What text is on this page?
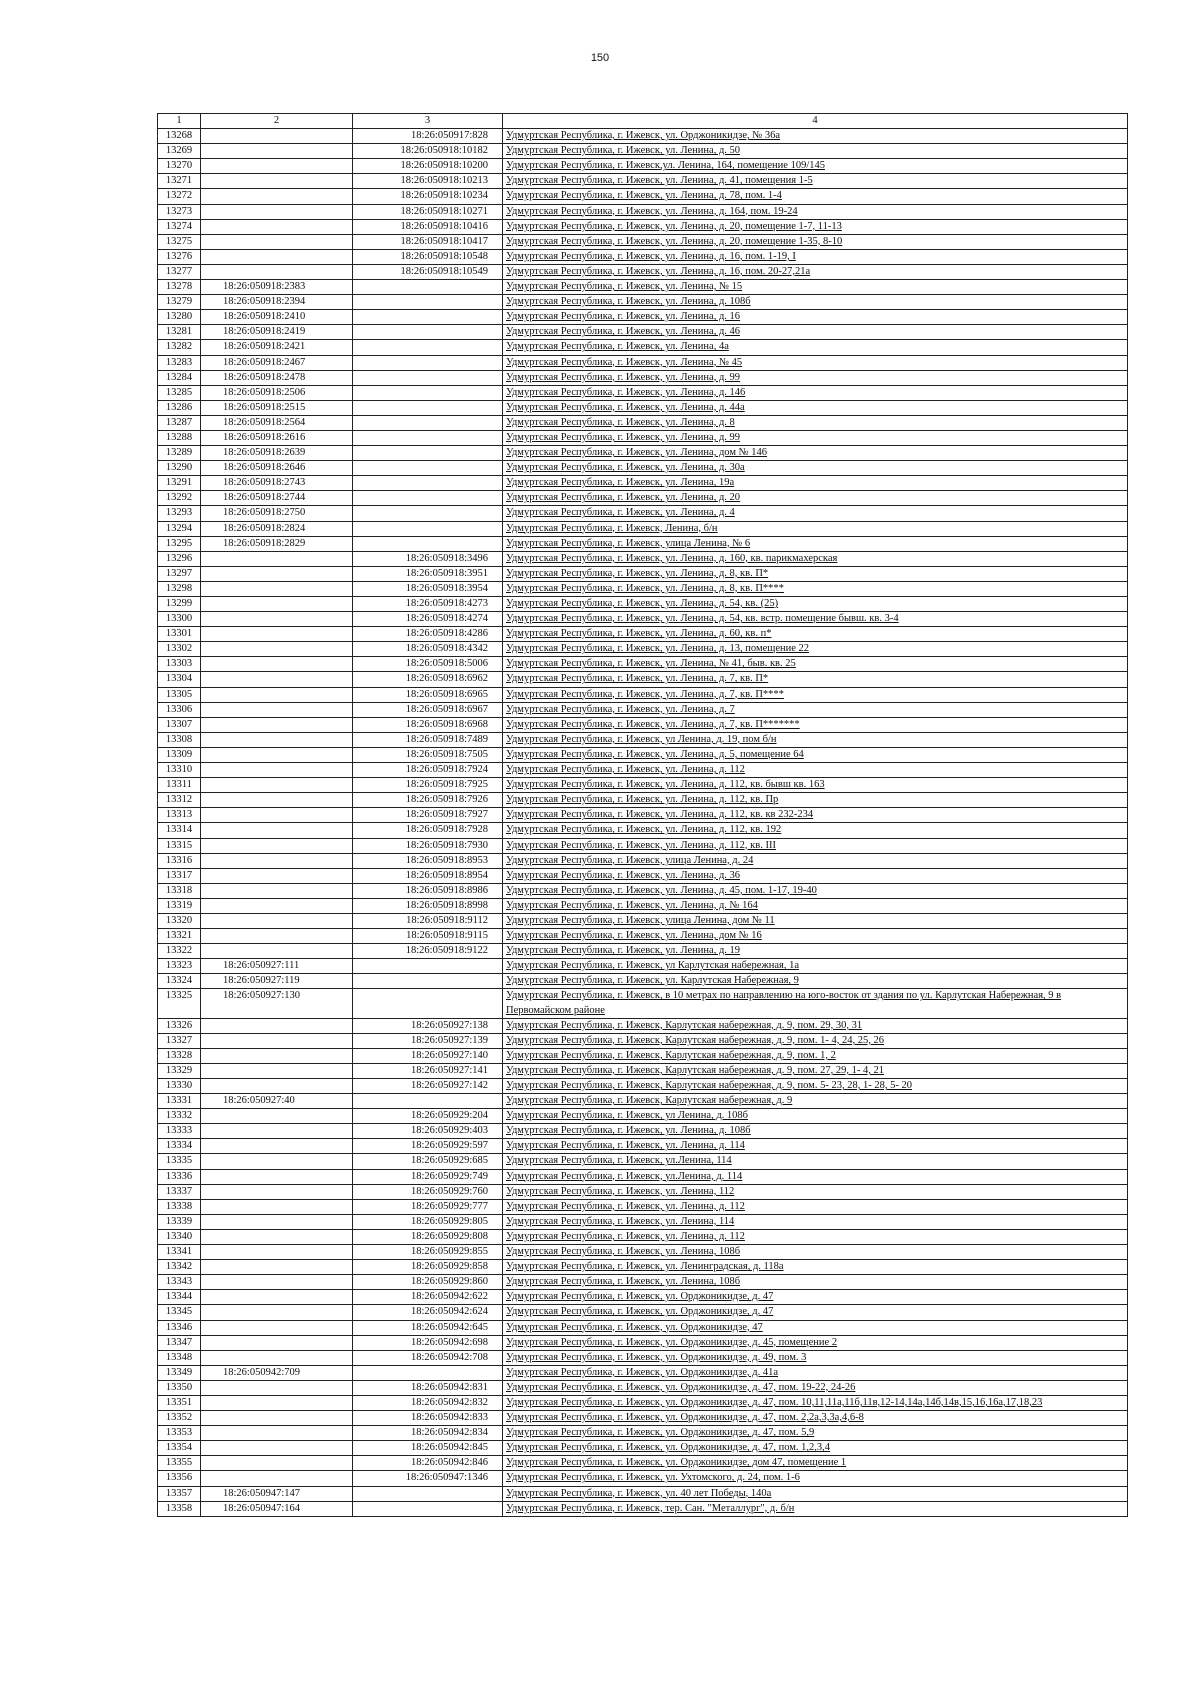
150
1	2	3	4
13268		18:26:050917:828	Удмуртская Республика, г. Ижевск, ул. Орджоникидзе, № 36а
13269		18:26:050918:10182	Удмуртская Республика, г. Ижевск, ул. Ленина, д. 50
13270		18:26:050918:10200	Удмуртская Республика, г. Ижевск,ул. Ленина, 164, помещение 109/145
13271		18:26:050918:10213	Удмуртская Республика, г. Ижевск, ул. Ленина, д. 41, помещения 1-5
13272		18:26:050918:10234	Удмуртская Республика, г. Ижевск, ул. Ленина, д. 78, пом. 1-4
13273		18:26:050918:10271	Удмуртская Республика, г. Ижевск, ул. Ленина, д. 164, пом. 19-24
13274		18:26:050918:10416	Удмуртская Республика, г. Ижевск, ул. Ленина, д. 20, помещение 1-7, 11-13
13275		18:26:050918:10417	Удмуртская Республика, г. Ижевск, ул. Ленина, д. 20, помещение 1-35, 8-10
13276		18:26:050918:10548	Удмуртская Республика, г. Ижевск, ул. Ленина, д. 16, пом. 1-19, I
13277		18:26:050918:10549	Удмуртская Республика, г. Ижевск, ул. Ленина, д. 16, пом. 20-27,21а
13278	18:26:050918:2383		Удмуртская Республика, г. Ижевск, ул. Ленина, № 15
13279	18:26:050918:2394		Удмуртская Республика, г. Ижевск, ул. Ленина, д. 108б
13280	18:26:050918:2410		Удмуртская Республика, г. Ижевск, ул. Ленина, д. 16
13281	18:26:050918:2419		Удмуртская Республика, г. Ижевск, ул. Ленина, д. 46
13282	18:26:050918:2421		Удмуртская Республика, г. Ижевск, ул. Ленина, 4а
13283	18:26:050918:2467		Удмуртская Республика, г. Ижевск, ул. Ленина, № 45
13284	18:26:050918:2478		Удмуртская Республика, г. Ижевск, ул. Ленина, д. 99
13285	18:26:050918:2506		Удмуртская Республика, г. Ижевск, ул. Ленина, д. 146
13286	18:26:050918:2515		Удмуртская Республика, г. Ижевск, ул. Ленина, д. 44а
13287	18:26:050918:2564		Удмуртская Республика, г. Ижевск, ул. Ленина, д. 8
13288	18:26:050918:2616		Удмуртская Республика, г. Ижевск, ул. Ленина, д. 99
13289	18:26:050918:2639		Удмуртская Республика, г. Ижевск, ул. Ленина, дом № 146
13290	18:26:050918:2646		Удмуртская Республика, г. Ижевск, ул. Ленина, д. 30а
13291	18:26:050918:2743		Удмуртская Республика, г. Ижевск, ул. Ленина, 19а
13292	18:26:050918:2744		Удмуртская Республика, г. Ижевск, ул. Ленина, д. 20
13293	18:26:050918:2750		Удмуртская Республика, г. Ижевск, ул. Ленина, д. 4
13294	18:26:050918:2824		Удмуртская Республика, г. Ижевск, Ленина, б/н
13295	18:26:050918:2829		Удмуртская Республика, г. Ижевск, улица Ленина, № 6
13296		18:26:050918:3496	Удмуртская Республика, г. Ижевск, ул. Ленина, д. 160, кв. парикмахерская
13297		18:26:050918:3951	Удмуртская Республика, г. Ижевск, ул. Ленина, д. 8, кв. П*
13298		18:26:050918:3954	Удмуртская Республика, г. Ижевск, ул. Ленина, д. 8, кв. П****
13299		18:26:050918:4273	Удмуртская Республика, г. Ижевск, ул. Ленина, д. 54, кв. (25)
13300		18:26:050918:4274	Удмуртская Республика, г. Ижевск, ул. Ленина, д. 54, кв. встр. помещение бывш. кв. 3-4
13301		18:26:050918:4286	Удмуртская Республика, г. Ижевск, ул. Ленина, д. 60, кв. п*
13302		18:26:050918:4342	Удмуртская Республика, г. Ижевск, ул. Ленина, д. 13, помещение 22
13303		18:26:050918:5006	Удмуртская Республика, г. Ижевск, ул. Ленина, № 41, быв. кв. 25
13304		18:26:050918:6962	Удмуртская Республика, г. Ижевск, ул. Ленина, д. 7, кв. П*
13305		18:26:050918:6965	Удмуртская Республика, г. Ижевск, ул. Ленина, д. 7, кв. П****
13306		18:26:050918:6967	Удмуртская Республика, г. Ижевск, ул. Ленина, д. 7
13307		18:26:050918:6968	Удмуртская Республика, г. Ижевск, ул. Ленина, д. 7, кв. П*******
13308		18:26:050918:7489	Удмуртская Республика, г. Ижевск, ул Ленина, д. 19, пом б/н
13309		18:26:050918:7505	Удмуртская Республика, г. Ижевск, ул. Ленина, д. 5, помещение 64
13310		18:26:050918:7924	Удмуртская Республика, г. Ижевск, ул. Ленина, д. 112
13311		18:26:050918:7925	Удмуртская Республика, г. Ижевск, ул. Ленина, д. 112, кв. бывш кв. 163
13312		18:26:050918:7926	Удмуртская Республика, г. Ижевск, ул. Ленина, д. 112, кв. Пр
13313		18:26:050918:7927	Удмуртская Республика, г. Ижевск, ул. Ленина, д. 112, кв. кв 232-234
13314		18:26:050918:7928	Удмуртская Республика, г. Ижевск, ул. Ленина, д. 112, кв. 192
13315		18:26:050918:7930	Удмуртская Республика, г. Ижевск, ул. Ленина, д. 112, кв. III
13316		18:26:050918:8953	Удмуртская Республика, г. Ижевск, улица Ленина, д. 24
13317		18:26:050918:8954	Удмуртская Республика, г. Ижевск, ул. Ленина, д. 36
13318		18:26:050918:8986	Удмуртская Республика, г. Ижевск, ул. Ленина, д. 45, пом. 1-17, 19-40
13319		18:26:050918:8998	Удмуртская Республика, г. Ижевск, ул. Ленина, д. № 164
13320		18:26:050918:9112	Удмуртская Республика, г. Ижевск, улица Ленина, дом № 11
13321		18:26:050918:9115	Удмуртская Республика, г. Ижевск, ул. Ленина, дом № 16
13322		18:26:050918:9122	Удмуртская Республика, г. Ижевск, ул. Ленина, д. 19
13323	18:26:050927:111		Удмуртская Республика, г. Ижевск, ул Карлутская набережная, 1а
13324	18:26:050927:119		Удмуртская Республика, г. Ижевск, ул. Карлутская Набережная, 9
13325	18:26:050927:130		Удмуртская Республика, г. Ижевск, в 10 метрах по направлению на юго-восток от здания по ул. Карлутская Набережная, 9 в Первомайском районе
13326		18:26:050927:138	Удмуртская Республика, г. Ижевск, Карлутская набережная, д. 9, пом. 29, 30, 31
13327		18:26:050927:139	Удмуртская Республика, г. Ижевск, Карлутская набережная, д. 9, пом. 1- 4, 24, 25, 26
13328		18:26:050927:140	Удмуртская Республика, г. Ижевск, Карлутская набережная, д. 9, пом. 1, 2
13329		18:26:050927:141	Удмуртская Республика, г. Ижевск, Карлутская набережная, д. 9, пом. 27, 29, 1- 4, 21
13330		18:26:050927:142	Удмуртская Республика, г. Ижевск, Карлутская набережная, д. 9, пом. 5- 23, 28, 1- 28, 5- 20
13331	18:26:050927:40		Удмуртская Республика, г. Ижевск, Карлутская набережная, д. 9
13332		18:26:050929:204	Удмуртская Республика, г. Ижевск, ул Ленина, д. 108б
13333		18:26:050929:403	Удмуртская Республика, г. Ижевск, ул. Ленина, д. 108б
13334		18:26:050929:597	Удмуртская Республика, г. Ижевск, ул. Ленина, д. 114
13335		18:26:050929:685	Удмуртская Республика, г. Ижевск, ул.Ленина, 114
13336		18:26:050929:749	Удмуртская Республика, г. Ижевск, ул.Ленина, д. 114
13337		18:26:050929:760	Удмуртская Республика, г. Ижевск, ул. Ленина, 112
13338		18:26:050929:777	Удмуртская Республика, г. Ижевск, ул. Ленина, д. 112
13339		18:26:050929:805	Удмуртская Республика, г. Ижевск, ул. Ленина, 114
13340		18:26:050929:808	Удмуртская Республика, г. Ижевск, ул. Ленина, д. 112
13341		18:26:050929:855	Удмуртская Республика, г. Ижевск, ул. Ленина, 108б
13342		18:26:050929:858	Удмуртская Республика, г. Ижевск, ул. Ленинградская, д. 118а
13343		18:26:050929:860	Удмуртская Республика, г. Ижевск, ул. Ленина, 108б
13344		18:26:050942:622	Удмуртская Республика, г. Ижевск, ул. Орджоникидзе, д. 47
13345		18:26:050942:624	Удмуртская Республика, г. Ижевск, ул. Орджоникидзе, д. 47
13346		18:26:050942:645	Удмуртская Республика, г. Ижевск, ул. Орджоникидзе, 47
13347		18:26:050942:698	Удмуртская Республика, г. Ижевск, ул. Орджоникидзе, д. 45, помещение 2
13348		18:26:050942:708	Удмуртская Республика, г. Ижевск, ул. Орджоникидзе, д. 49, пом. 3
13349	18:26:050942:709		Удмуртская Республика, г. Ижевск, ул. Орджоникидзе, д. 41а
13350		18:26:050942:831	Удмуртская Республика, г. Ижевск, ул. Орджоникидзе, д. 47, пом. 19-22, 24-26
13351		18:26:050942:832	Удмуртская Республика, г. Ижевск, ул. Орджоникидзе, д. 47, пом. 10,11,11а,11б,11в,12-14,14а,14б,14в,15,16,16а,17,18,23
13352		18:26:050942:833	Удмуртская Республика, г. Ижевск, ул. Орджоникидзе, д. 47, пом. 2,2а,3,3а,4,6-8
13353		18:26:050942:834	Удмуртская Республика, г. Ижевск, ул. Орджоникидзе, д. 47, пом. 5,9
13354		18:26:050942:845	Удмуртская Республика, г. Ижевск, ул. Орджоникидзе, д. 47, пом. 1,2,3,4
13355		18:26:050942:846	Удмуртская Республика, г. Ижевск, ул. Орджоникидзе, дом 47, помещение 1
13356		18:26:050947:1346	Удмуртская Республика, г. Ижевск, ул. Ухтомского, д. 24, пом. 1-6
13357	18:26:050947:147		Удмуртская Республика, г. Ижевск, ул. 40 лет Победы, 140а
13358	18:26:050947:164		Удмуртская Республика, г. Ижевск, тер. Сан. "Металлург", д. б/н
